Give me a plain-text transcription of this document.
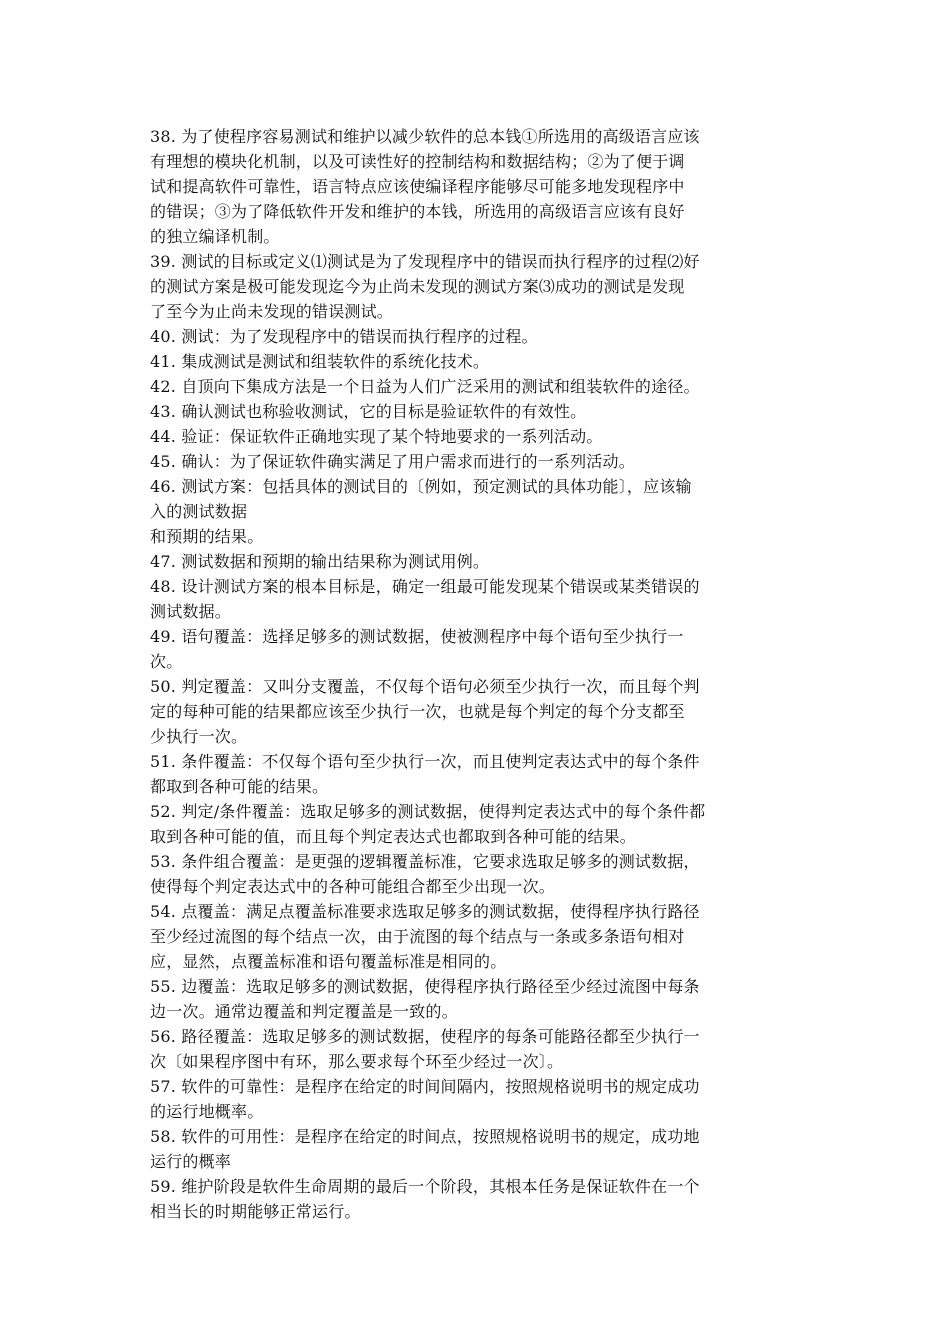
38. 为了使程序容易测试和维护以减少软件的总本钱①所选用的高级语言应该
有理想的模块化机制，以及可读性好的控制结构和数据结构；②为了便于调
试和提高软件可靠性，语言特点应该使编译程序能够尽可能多地发现程序中
的错误；③为了降低软件开发和维护的本钱，所选用的高级语言应该有良好
的独立编译机制。
39. 测试的目标或定义⑴测试是为了发现程序中的错误而执行程序的过程⑵好
的测试方案是极可能发现迄今为止尚未发现的测试方案⑶成功的测试是发现
了至今为止尚未发现的错误测试。
40. 测试：为了发现程序中的错误而执行程序的过程。
41. 集成测试是测试和组装软件的系统化技术。
42. 自顶向下集成方法是一个日益为人们广泛采用的测试和组装软件的途径。
43. 确认测试也称验收测试，它的目标是验证软件的有效性。
44. 验证：保证软件正确地实现了某个特地要求的一系列活动。
45. 确认：为了保证软件确实满足了用户需求而进行的一系列活动。
46. 测试方案：包括具体的测试目的〔例如，预定测试的具体功能〕，应该输
入的测试数据
和预期的结果。
47. 测试数据和预期的输出结果称为测试用例。
48. 设计测试方案的根本目标是，确定一组最可能发现某个错误或某类错误的
测试数据。
49. 语句覆盖：选择足够多的测试数据，使被测程序中每个语句至少执行一
次。
50. 判定覆盖：又叫分支覆盖，不仅每个语句必须至少执行一次，而且每个判
定的每种可能的结果都应该至少执行一次，也就是每个判定的每个分支都至
少执行一次。
51. 条件覆盖：不仅每个语句至少执行一次，而且使判定表达式中的每个条件
都取到各种可能的结果。
52. 判定/条件覆盖：选取足够多的测试数据，使得判定表达式中的每个条件都
取到各种可能的值，而且每个判定表达式也都取到各种可能的结果。
53. 条件组合覆盖：是更强的逻辑覆盖标准，它要求选取足够多的测试数据，
使得每个判定表达式中的各种可能组合都至少出现一次。
54. 点覆盖：满足点覆盖标准要求选取足够多的测试数据，使得程序执行路径
至少经过流图的每个结点一次，由于流图的每个结点与一条或多条语句相对
应，显然，点覆盖标准和语句覆盖标准是相同的。
55. 边覆盖：选取足够多的测试数据，使得程序执行路径至少经过流图中每条
边一次。通常边覆盖和判定覆盖是一致的。
56. 路径覆盖：选取足够多的测试数据，使程序的每条可能路径都至少执行一
次〔如果程序图中有环，那么要求每个环至少经过一次〕。
57. 软件的可靠性：是程序在给定的时间间隔内，按照规格说明书的规定成功
的运行地概率。
58. 软件的可用性：是程序在给定的时间点，按照规格说明书的规定，成功地
运行的概率
59. 维护阶段是软件生命周期的最后一个阶段，其根本任务是保证软件在一个
相当长的时期能够正常运行。
